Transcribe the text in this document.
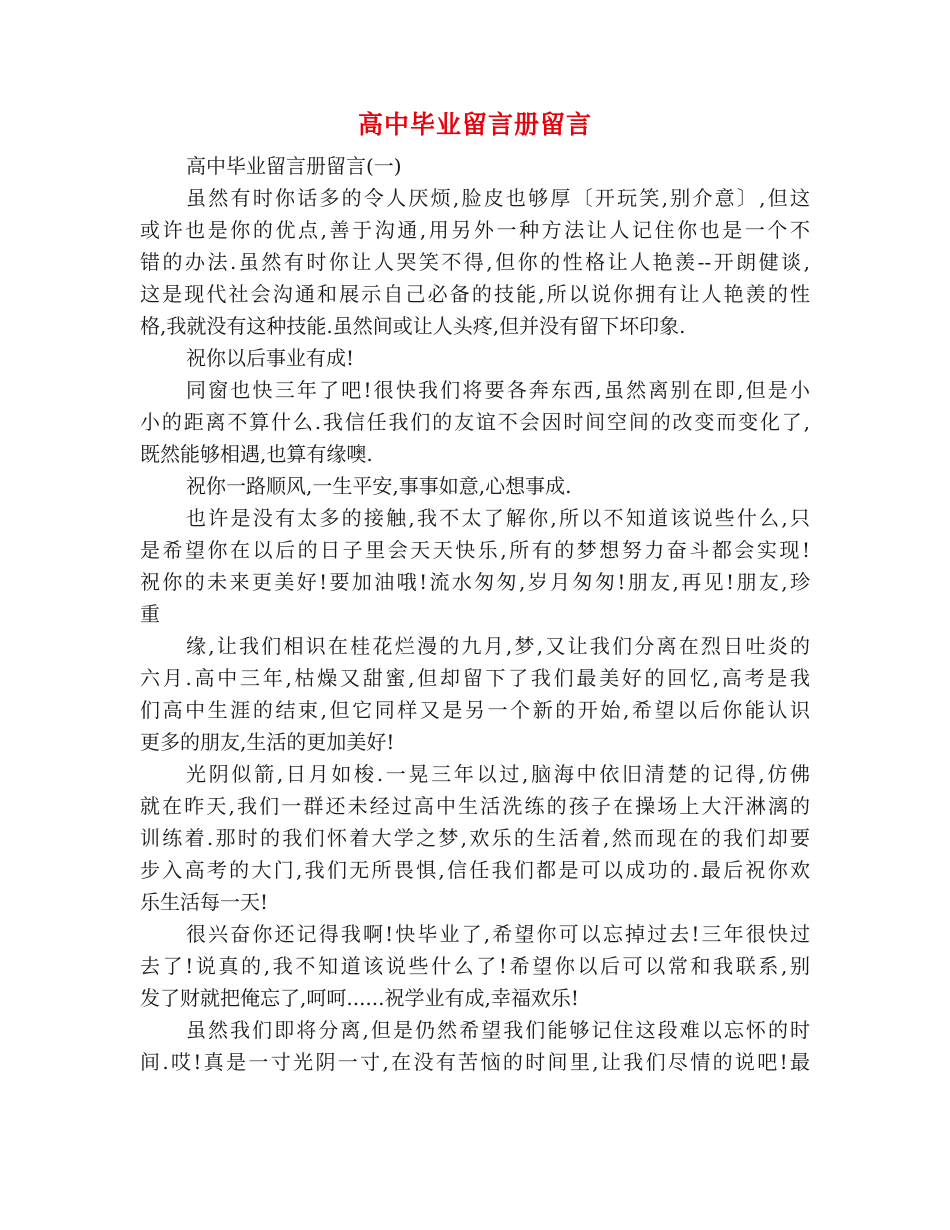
高中毕业留言册留言
高中毕业留言册留言(一)
虽然有时你话多的令人厌烦,脸皮也够厚〔开玩笑,别介意〕,但这
或许也是你的优点,善于沟通,用另外一种方法让人记住你也是一个不
错的办法.虽然有时你让人哭笑不得,但你的性格让人艳羡--开朗健谈,
这是现代社会沟通和展示自己必备的技能,所以说你拥有让人艳羡的性
格,我就没有这种技能.虽然间或让人头疼,但并没有留下坏印象.
祝你以后事业有成!
同窗也快三年了吧!很快我们将要各奔东西,虽然离别在即,但是小
小的距离不算什么.我信任我们的友谊不会因时间空间的改变而变化了,
既然能够相遇,也算有缘噢.
祝你一路顺风,一生平安,事事如意,心想事成.
也许是没有太多的接触,我不太了解你,所以不知道该说些什么,只
是希望你在以后的日子里会天天快乐,所有的梦想努力奋斗都会实现!
祝你的未来更美好!要加油哦!流水匆匆,岁月匆匆!朋友,再见!朋友,珍
重
缘,让我们相识在桂花烂漫的九月,梦,又让我们分离在烈日吐炎的
六月.高中三年,枯燥又甜蜜,但却留下了我们最美好的回忆,高考是我
们高中生涯的结束,但它同样又是另一个新的开始,希望以后你能认识
更多的朋友,生活的更加美好!
光阴似箭,日月如梭.一晃三年以过,脑海中依旧清楚的记得,仿佛
就在昨天,我们一群还未经过高中生活洗练的孩子在操场上大汗淋漓的
训练着.那时的我们怀着大学之梦,欢乐的生活着,然而现在的我们却要
步入高考的大门,我们无所畏惧,信任我们都是可以成功的.最后祝你欢
乐生活每一天!
很兴奋你还记得我啊!快毕业了,希望你可以忘掉过去!三年很快过
去了!说真的,我不知道该说些什么了!希望你以后可以常和我联系,别
发了财就把俺忘了,呵呵......祝学业有成,幸福欢乐!
虽然我们即将分离,但是仍然希望我们能够记住这段难以忘怀的时
间.哎!真是一寸光阴一寸,在没有苦恼的时间里,让我们尽情的说吧!最
